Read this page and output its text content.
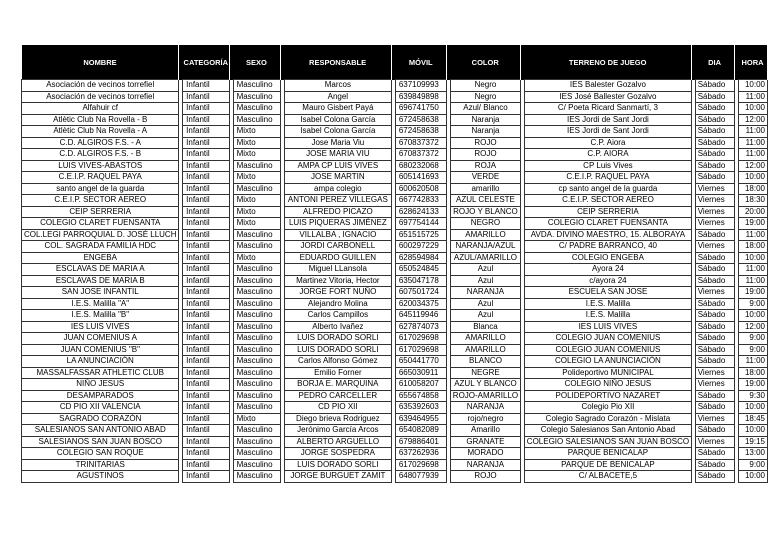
NOMBRE		CATEGORÍA		SEXO		RESPONSABLE		MÓVIL		COLOR		TERRENO DE JUEGO		DIA		HORA
Asociación de vecinos torrefiel		Infantil		Masculino		Marcos		637109993		Negro		IES Balester Gozalvo		Sábado		10:00
Asociación de vecinos torrefiel		Infantil		Masculino		Angel		639849898		Negro		IES José Ballester Gozalvo		Sábado		11:00
Alfahuir cf		Infantil		Masculino		Mauro Gisbert Payá		696741750		Azul/ Blanco		C/ Poeta Ricard Sanmartí, 3		Sábado		10:00
Atlètic Club Na Rovella - B		Infantil		Masculino		Isabel Colona García		672458638		Naranja		IES Jordi de Sant Jordi		Sábado		12:00
Atlètic Club Na Rovella - A		Infantil		Mixto		Isabel Colona García		672458638		Naranja		IES Jordi de Sant Jordi		Sábado		11:00
C.D. ALGIROS F.S. - A		Infantil		Mixto		Jose Maria Viu		670837372		ROJO		C.P. Aiora		Sábado		11:00
C.D. ALGIROS F.S. - B		Infantil		Mixto		JOSE MARIA VIU		670837372		ROJO		C.P. AIORA		Sábado		11:00
LUIS VIVES-ABASTOS		Infantil		Masculino		AMPA CP LUIS VIVES		680232068		ROJA		CP Luis Vives		Sábado		12:00
C.E.I.P. RAQUEL PAYA		Infantil		Mixto		JOSE MARTIN		605141693		VERDE		C.E.I.P. RAQUEL PAYA		Sábado		10:00
santo angel de la guarda		Infantil		Masculino		ampa colegio		600620508		amarillo		cp santo angel de la guarda		Viernes		18:00
C.E.I.P. SECTOR AEREO		Infantil		Mixto		ANTONI PEREZ VILLEGAS		667742833		AZUL CELESTE		C.E.I.P. SECTOR AEREO		Viernes		18:30
CEIP SERRERIA		Infantil		Mixto		ALFREDO PICAZO		628624133		ROJO Y BLANCO		CEIP SERRERIA		Viernes		20:00
COLEGIO CLARET FUENSANTA		Infantil		Mixto		LUIS PIQUERAS JIMÉNEZ		697754144		NEGRO		COLEGIO CLARET FUENSANTA		Viernes		19:00
COL.LEGI PARROQUIAL D. JOSÉ LLUCH		Infantil		Masculino		VILLALBA , IGNACIO		651515725		AMARILLO		AVDA. DIVINO MAESTRO, 15. ALBORAYA		Sábado		11:00
COL. SAGRADA FAMILIA HDC		Infantil		Masculino		JORDI CARBONELL		600297229		NARANJA/AZUL		C/ PADRE BARRANCO, 40		Viernes		18:00
ENGEBA		Infantil		Mixto		EDUARDO GUILLEN		628594984		AZUL/AMARILLO		COLEGIO ENGEBA		Sábado		10:00
ESCLAVAS DE MARIA A		Infantil		Masculino		Miguel LLansola		650524845		Azul		Ayora 24		Sábado		11:00
ESCLAVAS DE MARIA B		Infantil		Masculino		Martinez Vitoria, Hector		635047178		Azul		c/ayora 24		Sábado		11:00
SAN JOSE INFANTIL		Infantil		Masculino		JORGE FORT NUÑO		607501724		NARANJA		ESCUELA SAN JOSE		Viernes		19:00
I.E.S. Malilla "A"		Infantil		Masculino		Alejandro Molina		620034375		Azul		I.E.S. Malilla		Sábado		9:00
I.E.S. Malilla "B"		Infantil		Masculino		Carlos Campillos		645119946		Azul		I.E.S. Malilla		Sábado		10:00
IES LUIS VIVES		Infantil		Masculino		Alberto Ivañez		627874073		Blanca		IES LUIS VIVES		Sábado		12:00
JUAN COMENIUS A		Infantil		Masculino		LUIS DORADO SORLI		617029698		AMARILLO		COLEGIO JUAN COMENIUS		Sábado		9:00
JUAN COMENIUS "B"		Infantil		Masculino		LUIS DORADO SORLI		617029698		AMARILLO		COLEGIO JUAN COMENIUS		Sábado		9:00
LA ANUNCIACIÓN		Infantil		Masculino		Carlos Alfonso Gómez		650441770		BLANCO		COLEGIO LA ANUNCIACIÓN		Sábado		11:00
MASSALFASSAR ATHLETIC CLUB		Infantil		Masculino		Emilio Forner		665030911		NEGRE		Polideportivo MUNICIPAL		Viernes		18:00
NIÑO JESUS		Infantil		Masculino		BORJA E. MARQUINA		610058207		AZUL Y BLANCO		COLEGIO NIÑO JESUS		Viernes		19:00
DESAMPARADOS		Infantil		Masculino		PEDRO CARCELLER		655674858		ROJO-AMARILLO		POLIDEPORTIVO NAZARET		Sábado		9:30
CD PIO XII VALENCIA		Infantil		Masculino		CD PIO XII		635392603		NARANJA		Colegio Pio XII		Sábado		10:00
SAGRADO CORAZÓN		Infantil		Mixto		Diego brieva Rodriguez		639464955		rojo/negro		Colegio Sagrado Corazón - Mislata		Viernes		18:45
SALESIANOS SAN ANTONIO ABAD		Infantil		Masculino		Jerónimo García Arcos		654082089		Amarillo		Colegio Salesianos San Antonio Abad		Sábado		10:00
SALESIANOS SAN JUAN BOSCO		Infantil		Masculino		ALBERTO ARGUELLO		679886401		GRANATE		COLEGIO SALESIANOS SAN JUAN BOSCO		Viernes		19:15
COLEGIO SAN ROQUE		Infantil		Masculino		JORGE SOSPEDRA		637262936		MORADO		PARQUE BENICALAP		Sábado		13:00
TRINITARIAS		Infantil		Masculino		LUIS DORADO SORLI		617029698		NARANJA		PARQUE DE BENICALAP		Sábado		9:00
AGUSTINOS		Infantil		Masculino		JORGE BURGUET ZAMIT		648077939		ROJO		C/ ALBACETE,5		Sábado		10:00
